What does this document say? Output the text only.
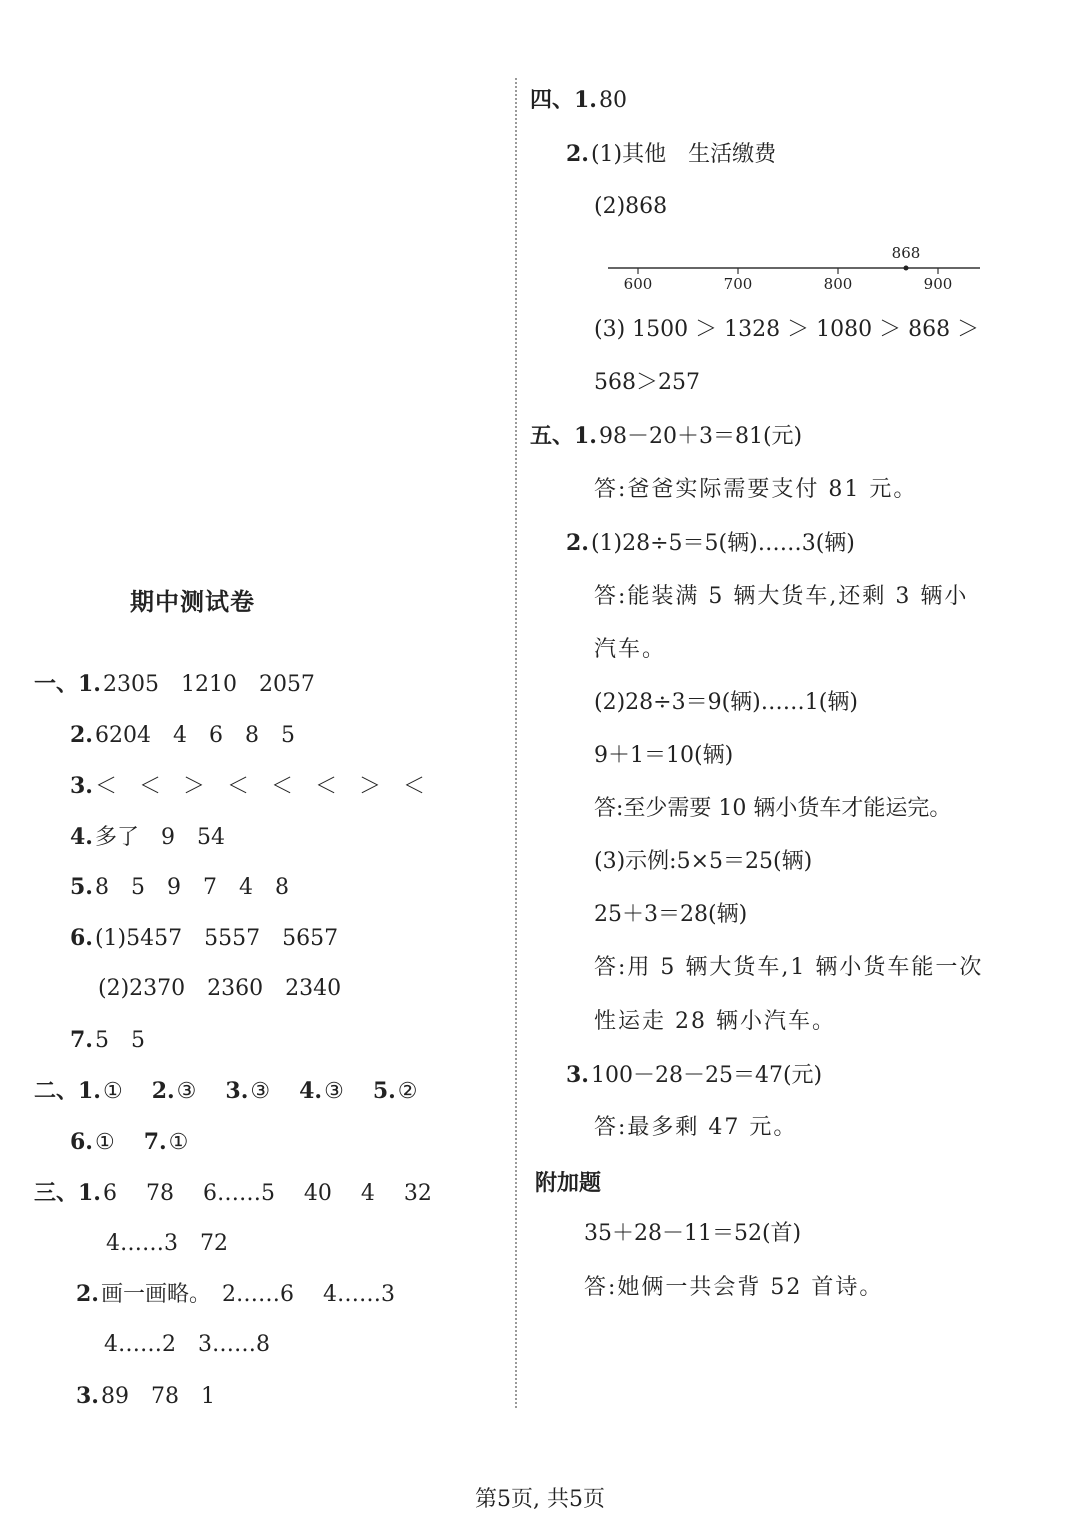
期中测试卷
一、1.2305　1210　2057
2.6204　4　6　8　5
3.＜　＜　＞　＜　＜　＜　＞　＜
4.多了　9　54
5.8　5　9　7　4　8
6.(1)5457　5557　5657
(2)2370　2360　2340
7.5　5
二、1.①　 2.③　 3.③　 4.③　 5.②
6.①　 7.①
三、1.6　 78　 6……5　 40　 4　 32
4……3　72
2.画一画略。　2……6　 4……3
4……2　3……8
3.89　78　1
四、1.80
2.(1)其他　生活缴费
(2)868
600	700	800	900
868
(3) 1500 ＞ 1328 ＞ 1080 ＞ 868 ＞
568＞257
五、1.98－20＋3＝81(元)
答:爸爸实际需要支付 81 元。
2.(1)28÷5＝5(辆)……3(辆)
答:能装满 5 辆大货车,还剩 3 辆小
汽车。
(2)28÷3＝9(辆)……1(辆)
9＋1＝10(辆)
答:至少需要 10 辆小货车才能运完。
(3)示例:5×5＝25(辆)
25＋3＝28(辆)
答:用 5 辆大货车,1 辆小货车能一次
性运走 28 辆小汽车。
3.100－28－25＝47(元)
答:最多剩 47 元。
附加题
35＋28－11＝52(首)
答:她俩一共会背 52 首诗。
第5页, 共5页
